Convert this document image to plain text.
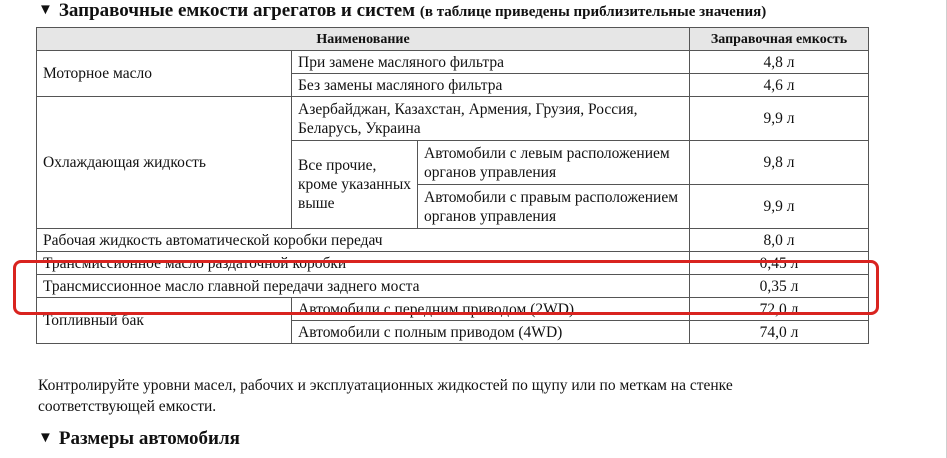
▼ Заправочные емкости агрегатов и систем (в таблице приведены приблизительные значения)
Наименование			Заправочная емкость
Моторное масло	При замене масляного фильтра		4,8 л
	Без замены масляного фильтра		4,6 л
Охлаждающая жидкость	Азербайджан, Казахстан, Армения, Грузия, Россия, Беларусь, Украина		9,9 л
	Все прочие, кроме указанных выше	Автомобили с левым расположением органов управления	9,8 л
		Автомобили с правым расположением органов управления	9,9 л
Рабочая жидкость автоматической коробки передач			8,0 л
Трансмиссионное масло раздаточной коробки			0,45 л
Трансмиссионное масло главной передачи заднего моста			0,35 л
Топливный бак	Автомобили с передним приводом (2WD)		72,0 л
	Автомобили с полным приводом (4WD)		74,0 л
Контролируйте уровни масел, рабочих и эксплуатационных жидкостей по щупу или по меткам на стенке соответствующей емкости.
▼ Размеры автомобиля
